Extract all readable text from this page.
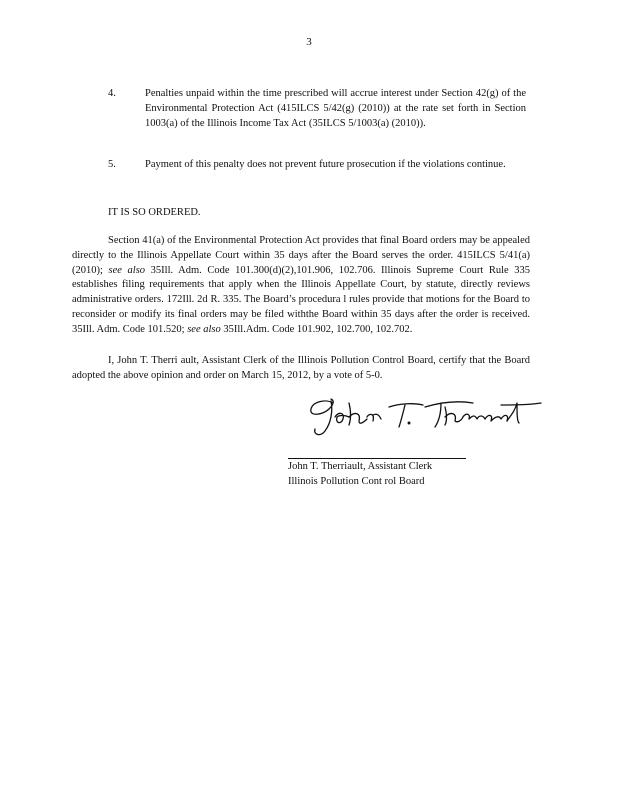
3
4.	Penalties unpaid within the time prescribed will accrue interest under Section 42(g) of the Environmental Protection Act (415ILCS 5/42(g) (2010)) at the rate set forth in Section 1003(a) of the Illinois Income Tax Act (35ILCS 5/1003(a) (2010)).
5.	Payment of this penalty does not prevent future prosecution if the violations continue.
IT IS SO ORDERED.
Section 41(a) of the Environmental Protection Act provides that final Board orders may be appealed directly to the Illinois Appellate Court within 35 days after the Board serves the order. 415ILCS 5/41(a) (2010); see also 35Ill. Adm. Code 101.300(d)(2),101.906, 102.706. Illinois Supreme Court Rule 335 establishes filing requirements that apply when the Illinois Appellate Court, by statute, directly reviews administrative orders. 172Ill. 2d R. 335. The Board’s procedura l rules provide that motions for the Board to reconsider or modify its final orders may be filed withthe Board within 35 days after the order is received. 35Ill. Adm. Code 101.520; see also 35Ill.Adm. Code 101.902, 102.700, 102.702.
I, John T. Therri ault, Assistant Clerk of the Illinois Pollution Control Board, certify that the Board adopted the above opinion and order on March 15, 2012, by a vote of 5-0.
John T. Therriault, Assistant Clerk
Illinois Pollution Cont rol Board
